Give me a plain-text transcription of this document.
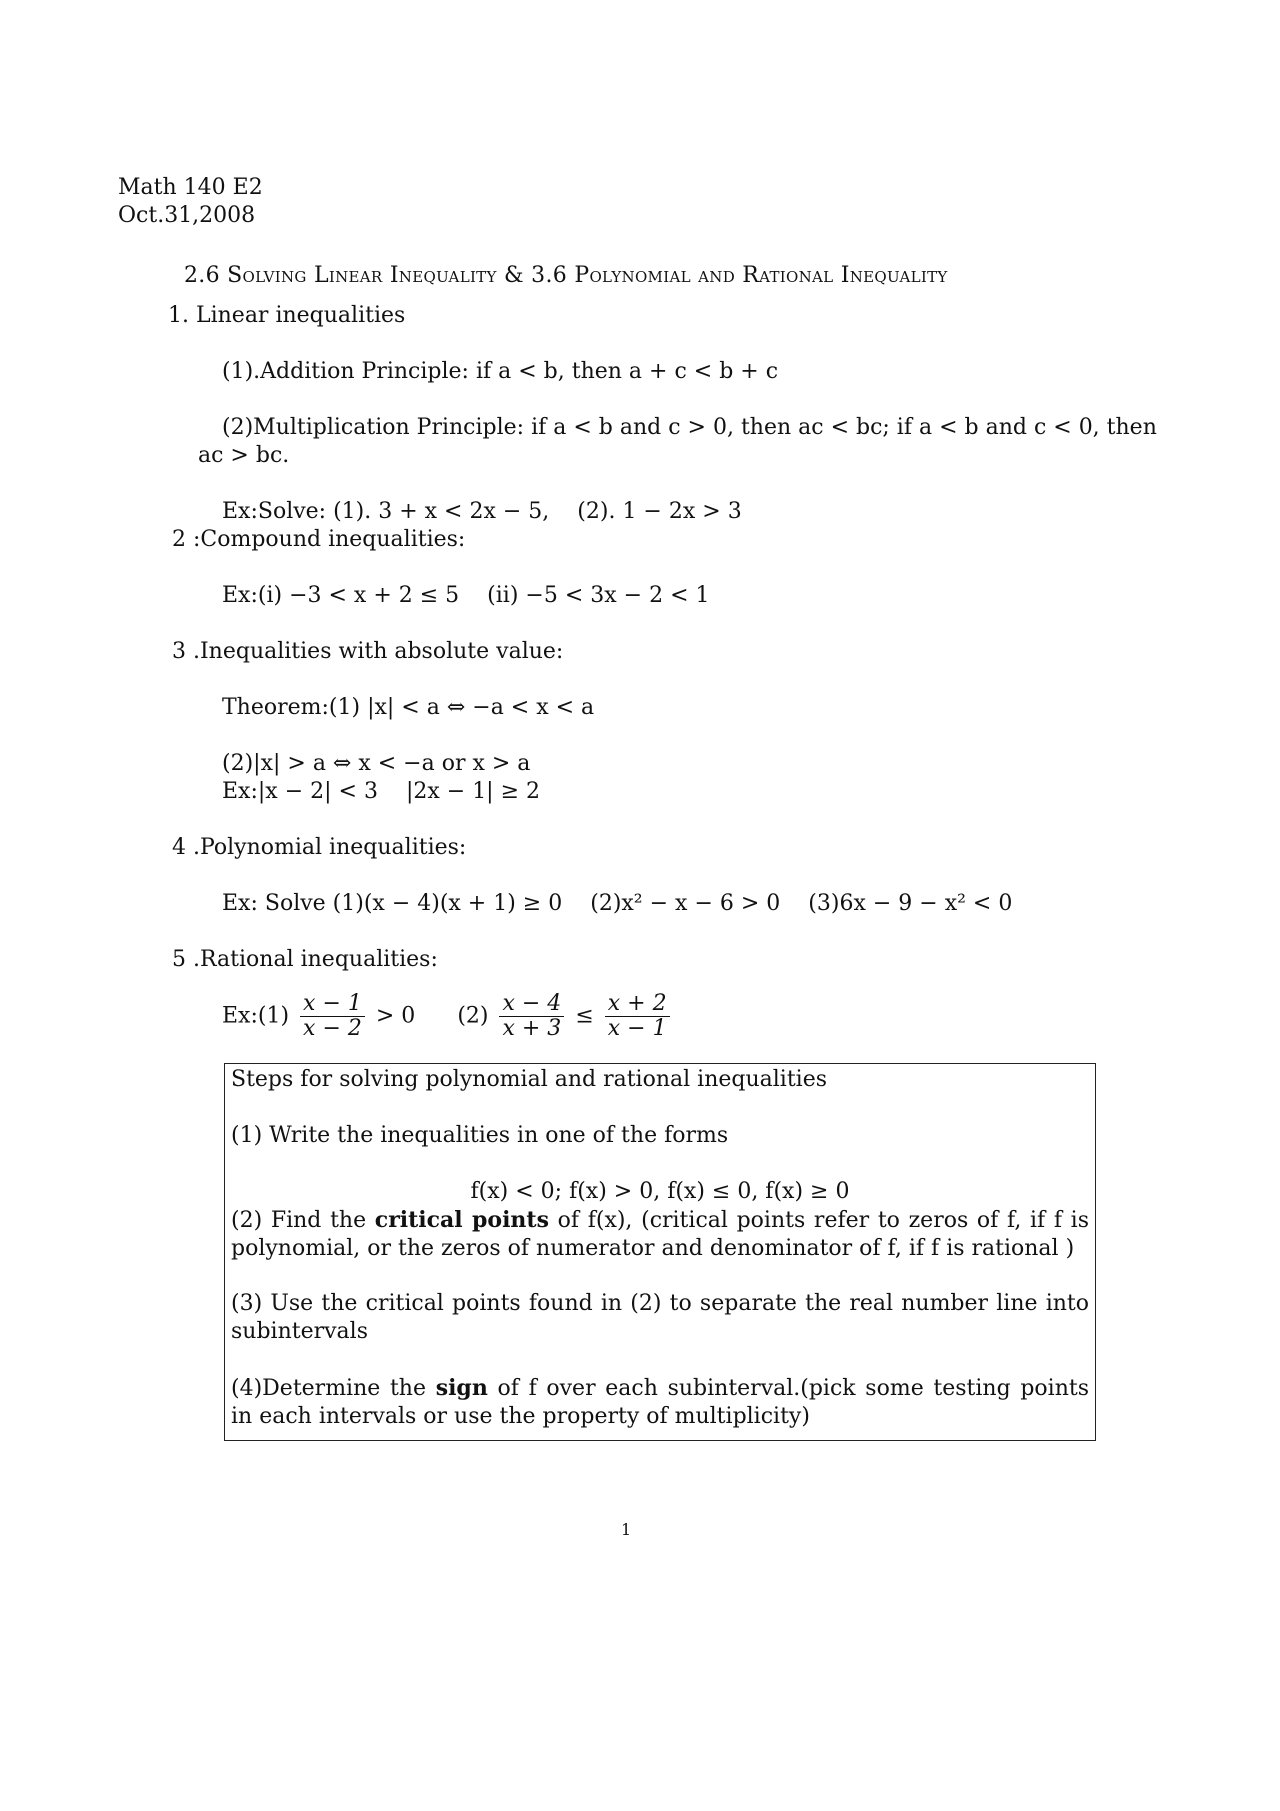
Math 140 E2
Oct.31,2008
2.6 Solving Linear Inequality & 3.6 Polynomial and Rational Inequality
1. Linear inequalities
(1).Addition Principle: if a < b, then a + c < b + c
(2)Multiplication Principle: if a < b and c > 0, then ac < bc; if a < b and c < 0, then
ac > bc.
Ex:Solve: (1). 3 + x < 2x − 5, (2). 1 − 2x > 3
2 :Compound inequalities:
Ex:(i) −3 < x + 2 ≤ 5 (ii) −5 < 3x − 2 < 1
3 .Inequalities with absolute value:
Theorem:(1) |x| < a ⇔ −a < x < a
(2)|x| > a ⇔ x < −a or x > a
Ex:|x − 2| < 3 |2x − 1| ≥ 2
4 .Polynomial inequalities:
Ex: Solve (1)(x − 4)(x + 1) ≥ 0 (2)x² − x − 6 > 0 (3)6x − 9 − x² < 0
5 .Rational inequalities:
Ex:(1) $\frac{x - 1}{x - 2} > 0$ $(2) \frac{x - 4}{x + 3} \le \frac{x + 2}{x - 1}$

Steps for solving polynomial and rational inequalities

(1) Write the inequalities in one of the forms

f(x) < 0; f(x) > 0, f(x) ≤ 0, f(x) ≥ 0

(2) Find the critical points of f(x), (critical points refer to zeros of f, if f is polynomial, or the zeros of numerator and denominator of f, if f is rational )

(3) Use the critical points found in (2) to separate the real number line into subintervals

(4)Determine the sign of f over each subinterval.(pick some testing points in each intervals or use the property of multiplicity)

1
